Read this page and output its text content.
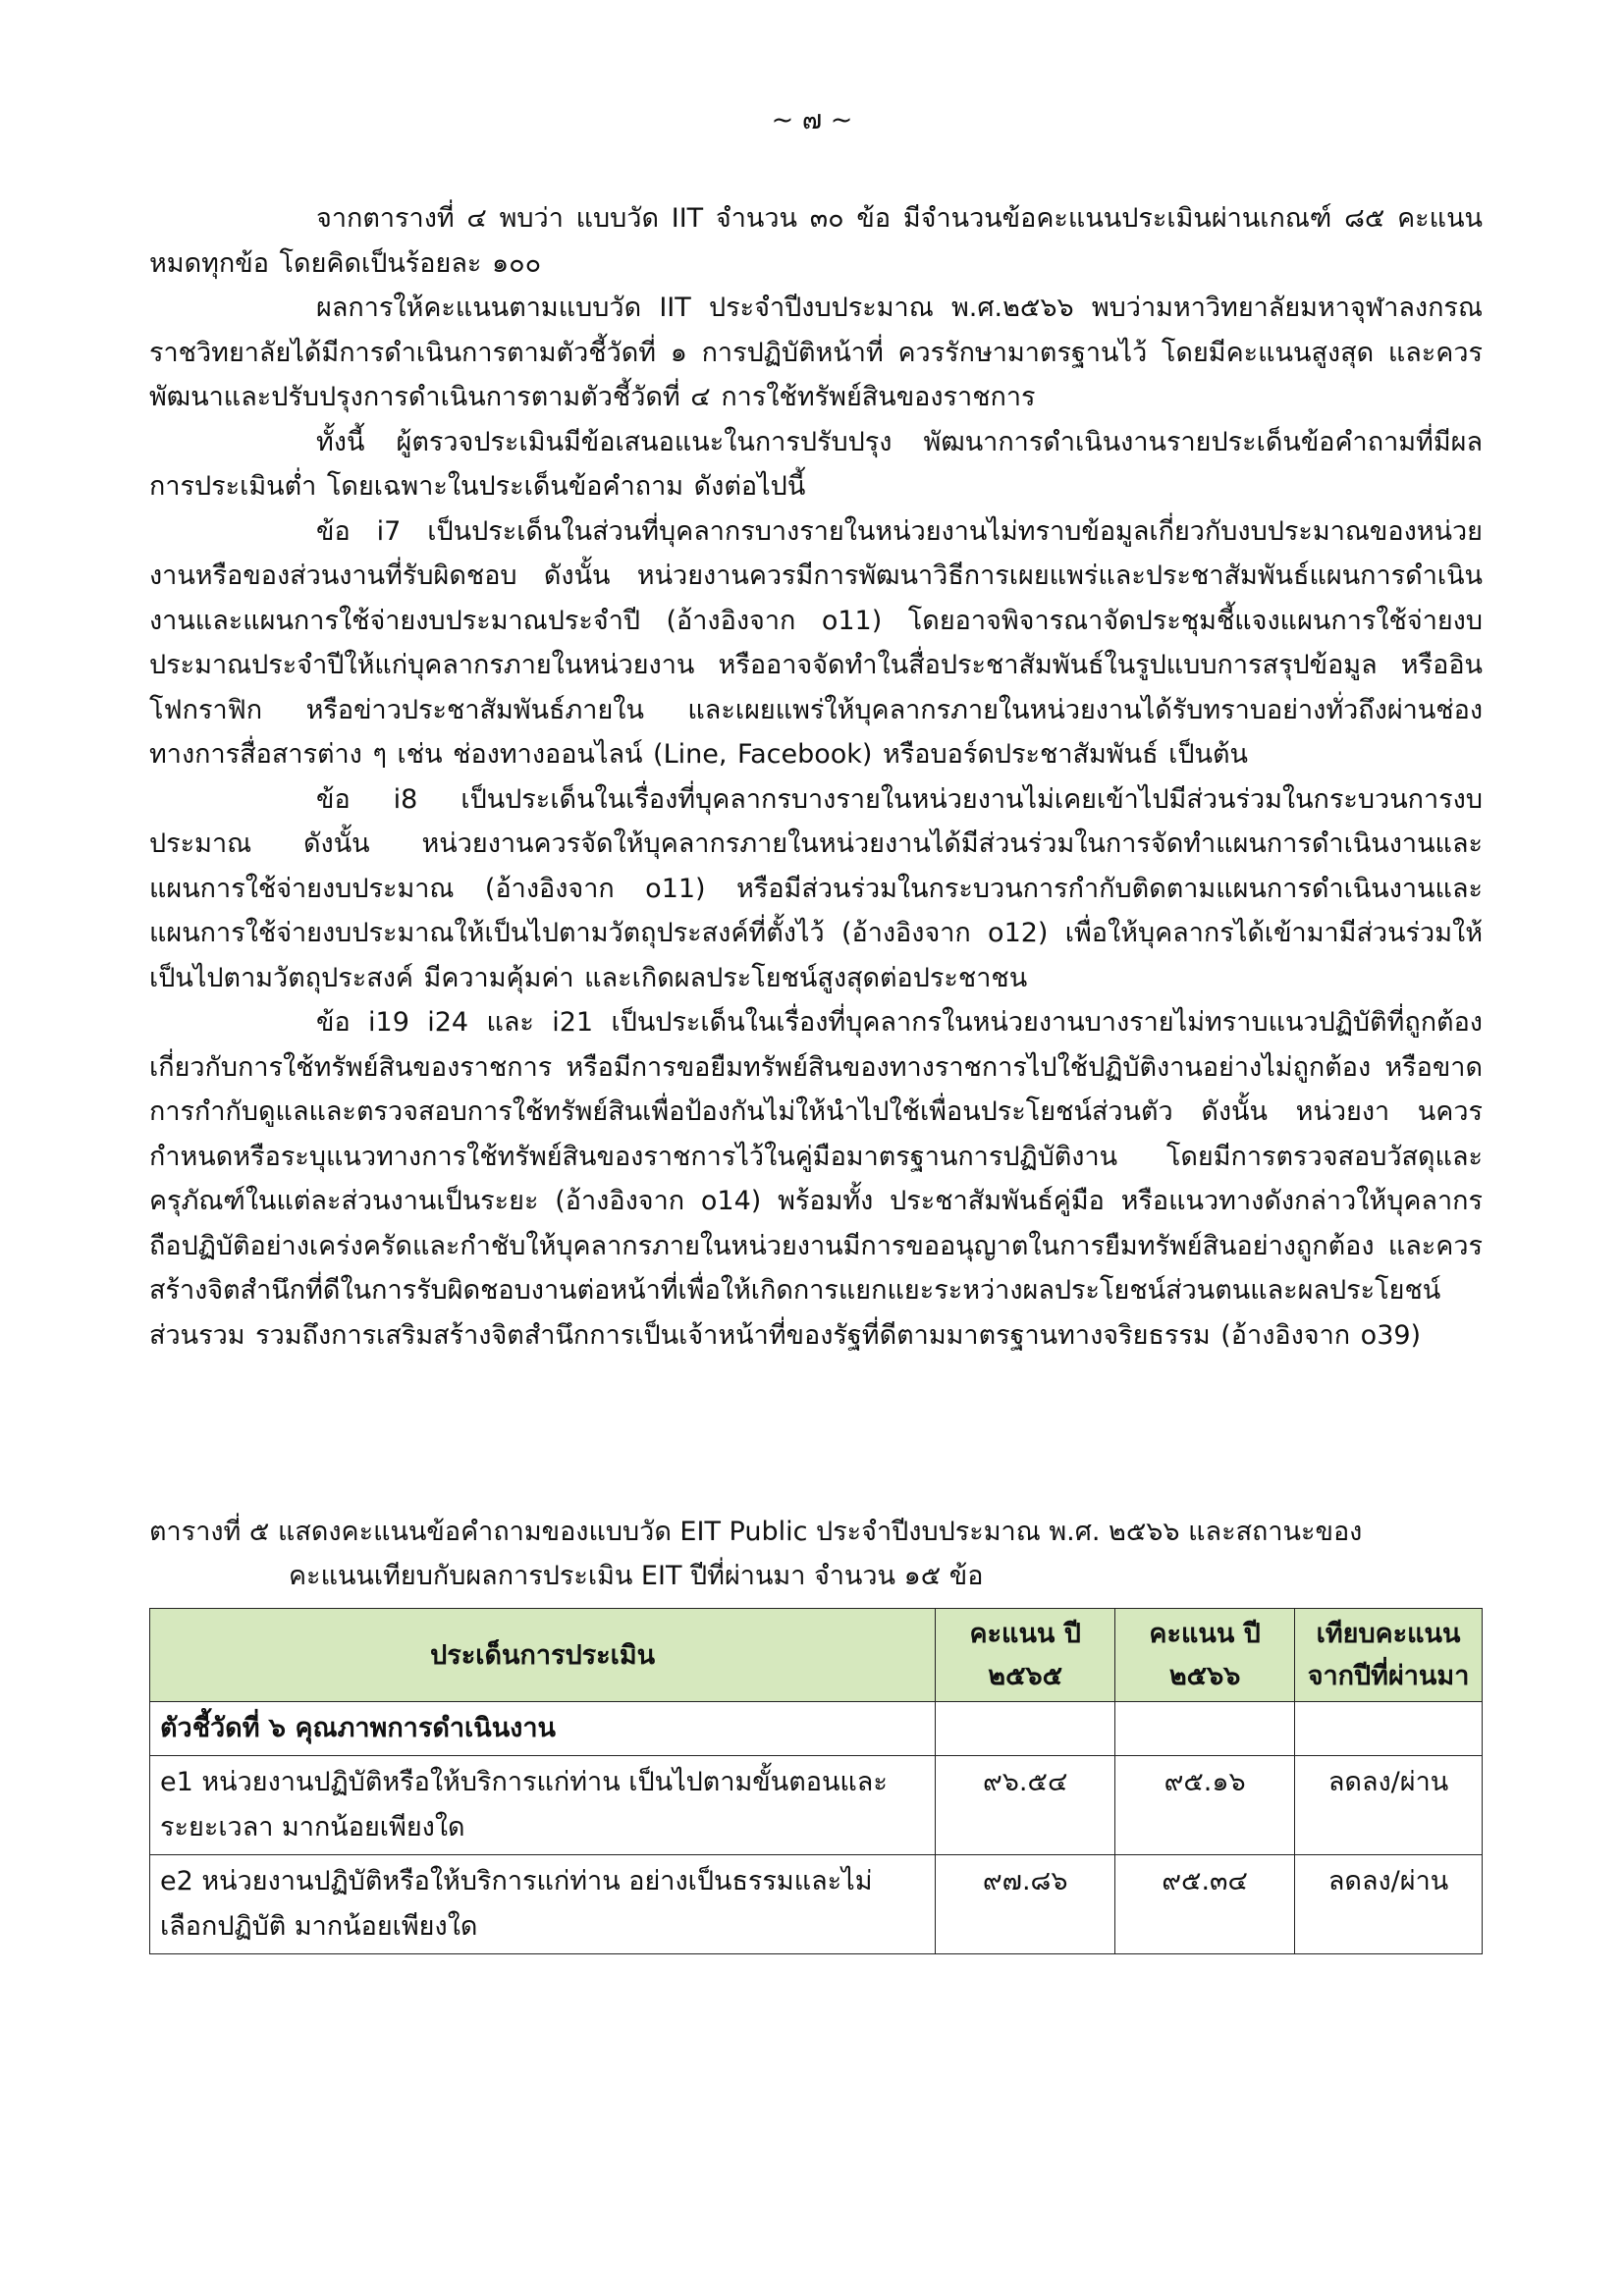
~ ๗ ~

จากตารางที่ ๔ พบว่า แบบวัด IIT จำนวน ๓๐ ข้อ มีจำนวนข้อคะแนนประเมินผ่านเกณฑ์ ๘๕ คะแนน หมดทุกข้อ โดยคิดเป็นร้อยละ ๑๐๐

ผลการให้คะแนนตามแบบวัด IIT ประจำปีงบประมาณ พ.ศ.๒๕๖๖ พบว่ามหาวิทยาลัยมหาจุฬาลงกรณราชวิทยาลัยได้มีการดำเนินการตามตัวชี้วัดที่ ๑ การปฏิบัติหน้าที่ ควรรักษามาตรฐานไว้ โดยมีคะแนนสูงสุด และควรพัฒนาและปรับปรุงการดำเนินการตามตัวชี้วัดที่ ๔ การใช้ทรัพย์สินของราชการ

ทั้งนี้ ผู้ตรวจประเมินมีข้อเสนอแนะในการปรับปรุง พัฒนาการดำเนินงานรายประเด็นข้อคำถามที่มีผลการประเมินต่ำ โดยเฉพาะในประเด็นข้อคำถาม ดังต่อไปนี้

ข้อ i7 เป็นประเด็นในส่วนที่บุคลากรบางรายในหน่วยงานไม่ทราบข้อมูลเกี่ยวกับงบประมาณของหน่วยงานหรือของส่วนงานที่รับผิดชอบ ดังนั้น หน่วยงานควรมีการพัฒนาวิธีการเผยแพร่และประชาสัมพันธ์แผนการดำเนินงานและแผนการใช้จ่ายงบประมาณประจำปี (อ้างอิงจาก o11) โดยอาจพิจารณาจัดประชุมชี้แจงแผนการใช้จ่ายงบประมาณประจำปีให้แก่บุคลากรภายในหน่วยงาน หรืออาจจัดทำในสื่อประชาสัมพันธ์ในรูปแบบการสรุปข้อมูล หรืออินโฟกราฟิก หรือข่าวประชาสัมพันธ์ภายใน และเผยแพร่ให้บุคลากรภายในหน่วยงานได้รับทราบอย่างทั่วถึงผ่านช่องทางการสื่อสารต่าง ๆ เช่น ช่องทางออนไลน์ (Line, Facebook) หรือบอร์ดประชาสัมพันธ์ เป็นต้น

ข้อ i8 เป็นประเด็นในเรื่องที่บุคลากรบางรายในหน่วยงานไม่เคยเข้าไปมีส่วนร่วมในกระบวนการงบประมาณ ดังนั้น หน่วยงานควรจัดให้บุคลากรภายในหน่วยงานได้มีส่วนร่วมในการจัดทำแผนการดำเนินงานและแผนการใช้จ่ายงบประมาณ (อ้างอิงจาก o11) หรือมีส่วนร่วมในกระบวนการกำกับติดตามแผนการดำเนินงานและแผนการใช้จ่ายงบประมาณให้เป็นไปตามวัตถุประสงค์ที่ตั้งไว้ (อ้างอิงจาก o12) เพื่อให้บุคลากรได้เข้ามามีส่วนร่วมให้เป็นไปตามวัตถุประสงค์ มีความคุ้มค่า และเกิดผลประโยชน์สูงสุดต่อประชาชน

ข้อ i19 i24 และ i21 เป็นประเด็นในเรื่องที่บุคลากรในหน่วยงานบางรายไม่ทราบแนวปฏิบัติที่ถูกต้องเกี่ยวกับการใช้ทรัพย์สินของราชการ หรือมีการขอยืมทรัพย์สินของทางราชการไปใช้ปฏิบัติงานอย่างไม่ถูกต้อง หรือขาดการกำกับดูแลและตรวจสอบการใช้ทรัพย์สินเพื่อป้องกันไม่ให้นำไปใช้เพื่อนประโยชน์ส่วนตัว ดังนั้น หน่วยงา นควรกำหนดหรือระบุแนวทางการใช้ทรัพย์สินของราชการไว้ในคู่มือมาตรฐานการปฏิบัติงาน โดยมีการตรวจสอบวัสดุและครุภัณฑ์ในแต่ละส่วนงานเป็นระยะ (อ้างอิงจาก o14) พร้อมทั้ง ประชาสัมพันธ์คู่มือ หรือแนวทางดังกล่าวให้บุคลากรถือปฏิบัติอย่างเคร่งครัดและกำชับให้บุคลากรภายในหน่วยงานมีการขออนุญาตในการยืมทรัพย์สินอย่างถูกต้อง และควรสร้างจิตสำนึกที่ดีในการรับผิดชอบงานต่อหน้าที่เพื่อให้เกิดการแยกแยะระหว่างผลประโยชน์ส่วนตนและผลประโยชน์ส่วนรวม รวมถึงการเสริมสร้างจิตสำนึกการเป็นเจ้าหน้าที่ของรัฐที่ดีตามมาตรฐานทางจริยธรรม (อ้างอิงจาก o39)

ตารางที่ ๕ แสดงคะแนนข้อคำถามของแบบวัด EIT Public ประจำปีงบประมาณ พ.ศ. ๒๕๖๖ และสถานะของ
คะแนนเทียบกับผลการประเมิน EIT ปีที่ผ่านมา จำนวน ๑๕ ข้อ
ประเด็นการประเมิน	คะแนน ปี ๒๕๖๕	คะแนน ปี ๒๕๖๖	เทียบคะแนนจากปีที่ผ่านมา
ตัวชี้วัดที่ ๖ คุณภาพการดำเนินงาน			
e1 หน่วยงานปฏิบัติหรือให้บริการแก่ท่าน เป็นไปตามขั้นตอนและระยะเวลา มากน้อยเพียงใด	๙๖.๕๔	๙๕.๑๖	ลดลง/ผ่าน
e2 หน่วยงานปฏิบัติหรือให้บริการแก่ท่าน อย่างเป็นธรรมและไม่เลือกปฏิบัติ มากน้อยเพียงใด	๙๗.๘๖	๙๕.๓๔	ลดลง/ผ่าน
